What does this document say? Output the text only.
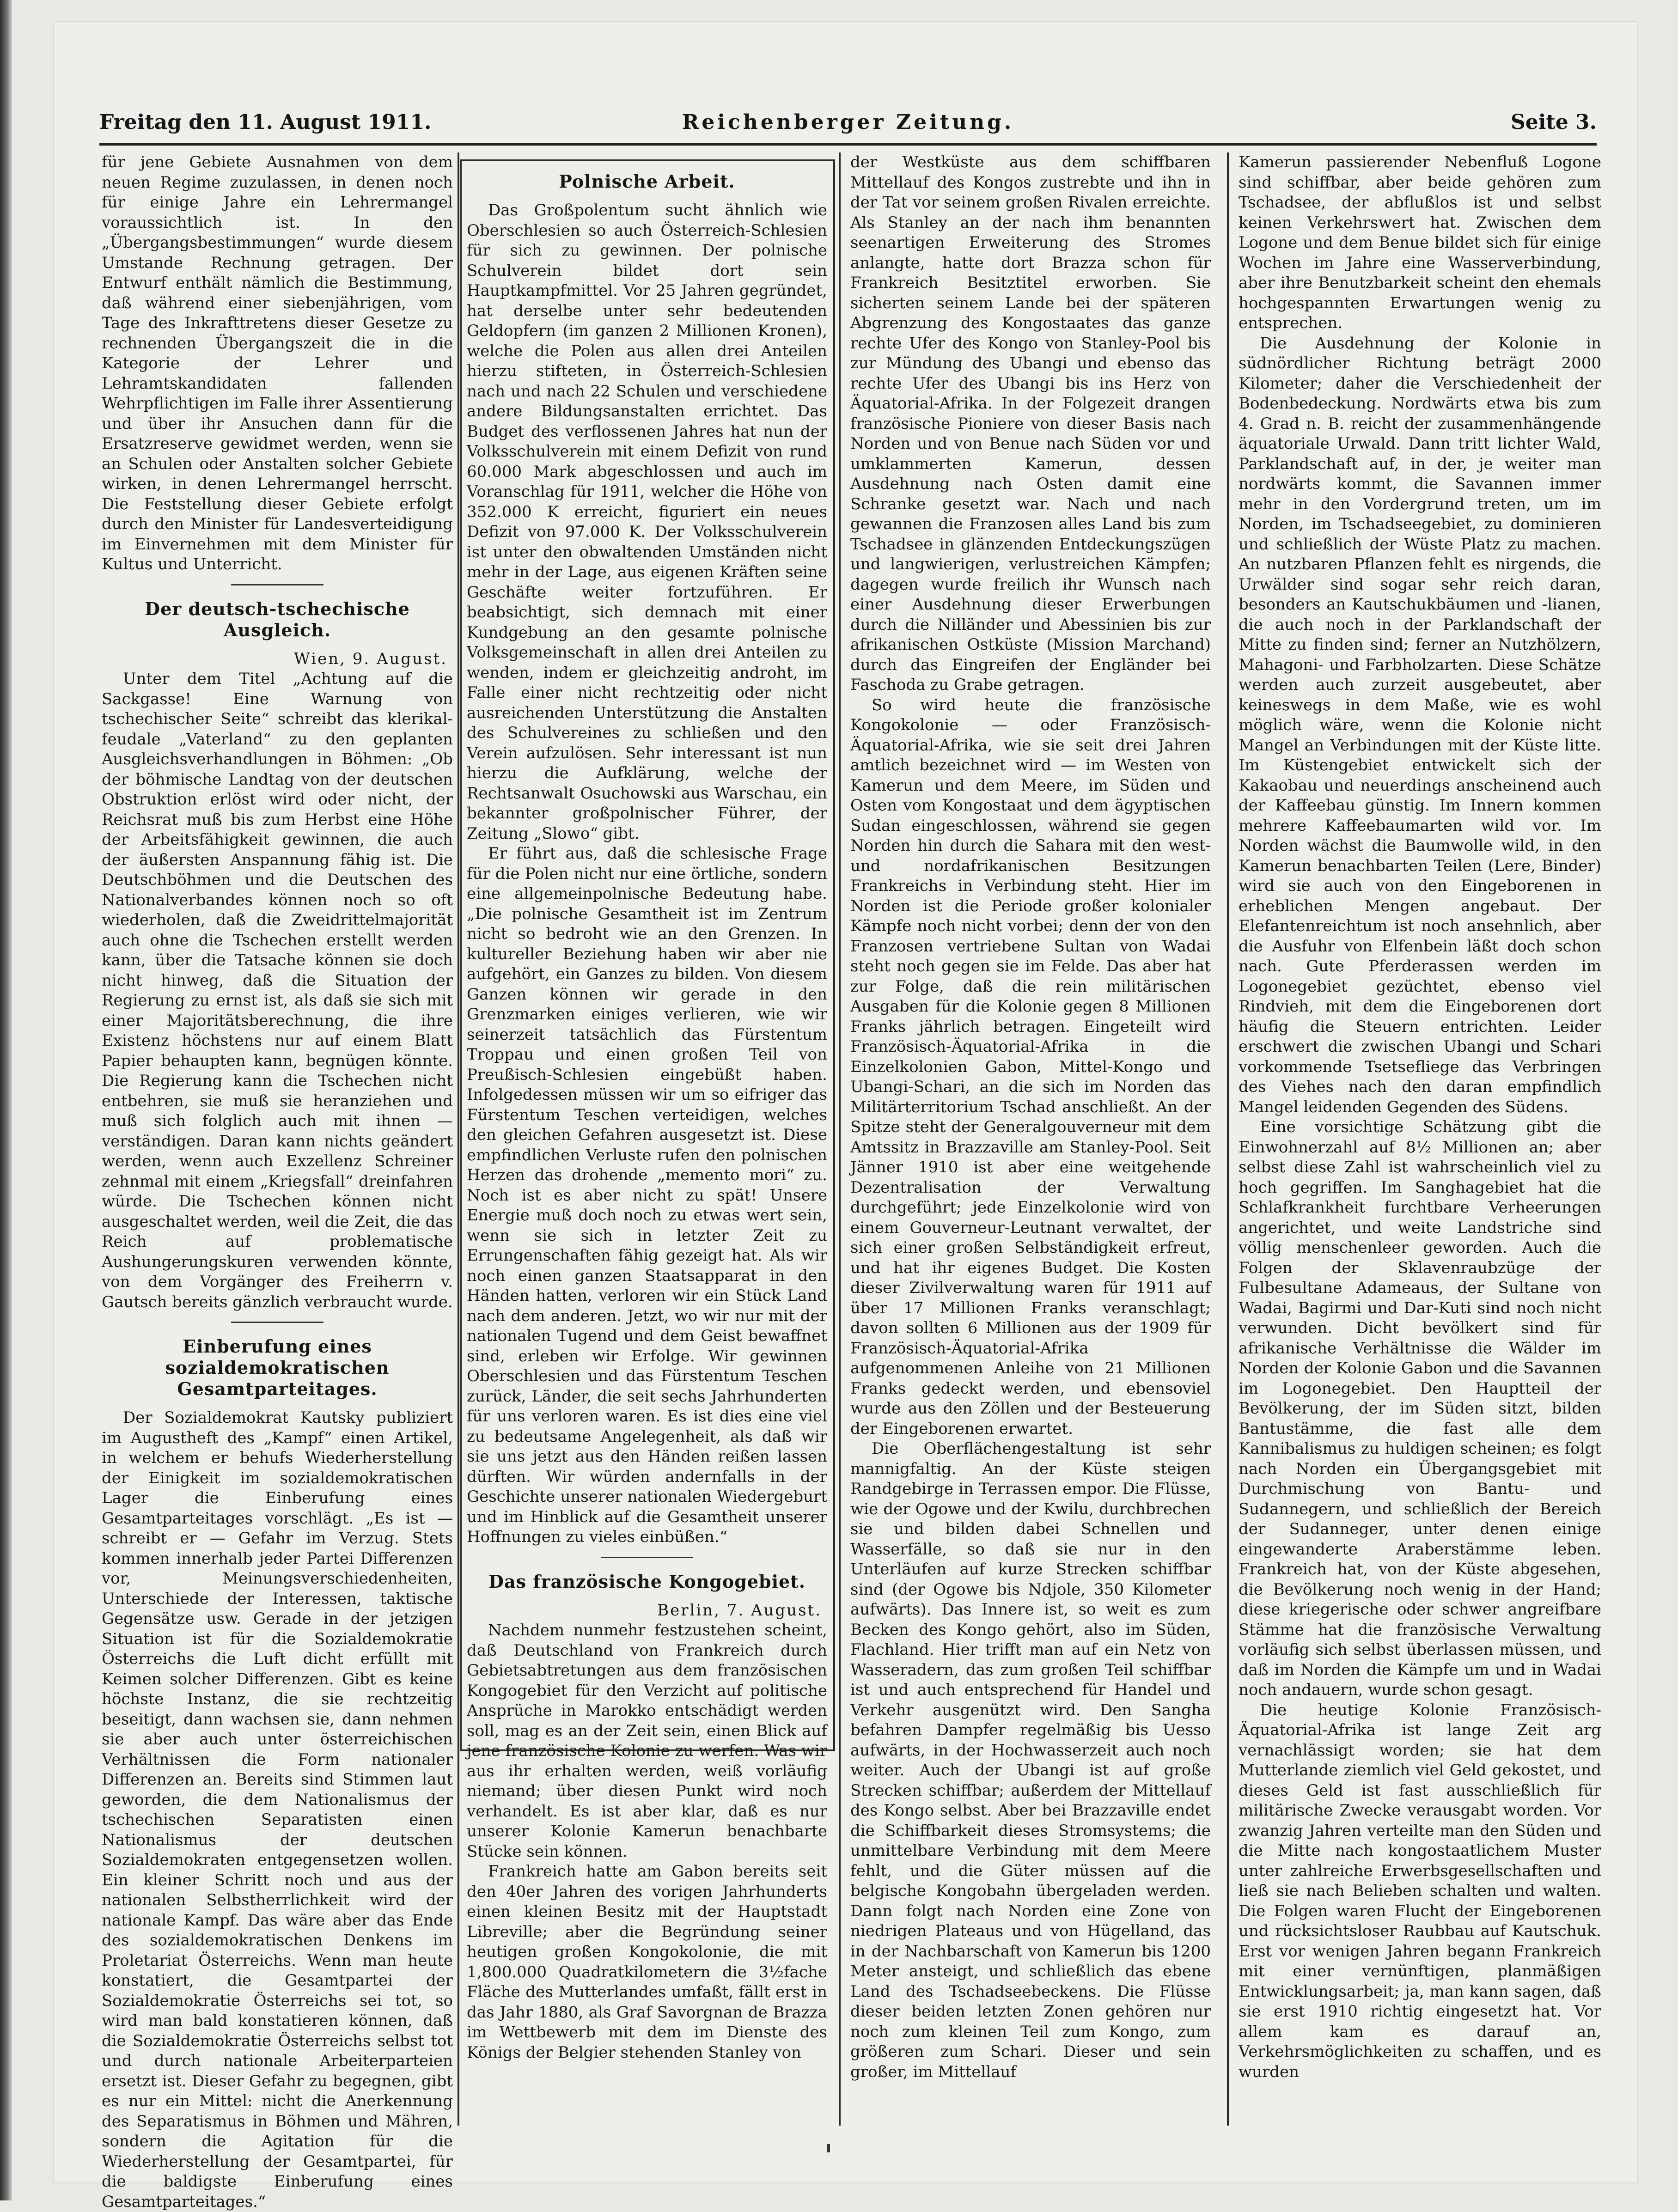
Freitag den 11. August 1911.	Reichenberger Zeitung.	Seite 3.

für jene Gebiete Ausnahmen von dem neuen Regime zuzulassen, in denen noch für einige Jahre ein Lehrermangel voraussichtlich ist. In den „Übergangsbestimmungen“ wurde diesem Umstande Rechnung getragen. Der Entwurf enthält nämlich die Bestimmung, daß während einer siebenjährigen, vom Tage des Inkrafttretens dieser Gesetze zu rechnenden Übergangszeit die in die Kategorie der Lehrer und Lehramtskandidaten fallenden Wehrpflichtigen im Falle ihrer Assentierung und über ihr Ansuchen dann für die Ersatzreserve gewidmet werden, wenn sie an Schulen oder Anstalten solcher Gebiete wirken, in denen Lehrermangel herrscht. Die Feststellung dieser Gebiete erfolgt durch den Minister für Landesverteidigung im Einvernehmen mit dem Minister für Kultus und Unterricht.

Der deutsch-tschechische Ausgleich.

Wien, 9. August.

Unter dem Titel „Achtung auf die Sackgasse! Eine Warnung von tschechischer Seite“ schreibt das klerikal-feudale „Vaterland“ zu den geplanten Ausgleichsverhandlungen in Böhmen: „Ob der böhmische Landtag von der deutschen Obstruktion erlöst wird oder nicht, der Reichsrat muß bis zum Herbst eine Höhe der Arbeitsfähigkeit gewinnen, die auch der äußersten Anspannung fähig ist. Die Deutschböhmen und die Deutschen des Nationalverbandes können noch so oft wiederholen, daß die Zweidrittelmajorität auch ohne die Tschechen erstellt werden kann, über die Tatsache können sie doch nicht hinweg, daß die Situation der Regierung zu ernst ist, als daß sie sich mit einer Majoritätsberechnung, die ihre Existenz höchstens nur auf einem Blatt Papier behaupten kann, begnügen könnte. Die Regierung kann die Tschechen nicht entbehren, sie muß sie heranziehen und muß sich folglich auch mit ihnen — verständigen. Daran kann nichts geändert werden, wenn auch Exzellenz Schreiner zehnmal mit einem „Kriegsfall“ dreinfahren würde. Die Tschechen können nicht ausgeschaltet werden, weil die Zeit, die das Reich auf problematische Aushungerungskuren verwenden könnte, von dem Vorgänger des Freiherrn v. Gautsch bereits gänzlich verbraucht wurde.

Einberufung eines sozialdemokratischen Gesamtparteitages.

Der Sozialdemokrat Kautsky publiziert im Augustheft des „Kampf“ einen Artikel, in welchem er behufs Wiederherstellung der Einigkeit im sozialdemokratischen Lager die Einberufung eines Gesamtparteitages vorschlägt. „Es ist — schreibt er — Gefahr im Verzug. Stets kommen innerhalb jeder Partei Differenzen vor, Meinungsverschiedenheiten, Unterschiede der Interessen, taktische Gegensätze usw. Gerade in der jetzigen Situation ist für die Sozialdemokratie Österreichs die Luft dicht erfüllt mit Keimen solcher Differenzen. Gibt es keine höchste Instanz, die sie rechtzeitig beseitigt, dann wachsen sie, dann nehmen sie aber auch unter österreichischen Verhältnissen die Form nationaler Differenzen an. Bereits sind Stimmen laut geworden, die dem Nationalismus der tschechischen Separatisten einen Nationalismus der deutschen Sozialdemokraten entgegensetzen wollen. Ein kleiner Schritt noch und aus der nationalen Selbstherrlichkeit wird der nationale Kampf. Das wäre aber das Ende des sozialdemokratischen Denkens im Proletariat Österreichs. Wenn man heute konstatiert, die Gesamtpartei der Sozialdemokratie Österreichs sei tot, so wird man bald konstatieren können, daß die Sozialdemokratie Österreichs selbst tot und durch nationale Arbeiterparteien ersetzt ist. Dieser Gefahr zu begegnen, gibt es nur ein Mittel: nicht die Anerkennung des Separatismus in Böhmen und Mähren, sondern die Agitation für die Wiederherstellung der Gesamtpartei, für die baldigste Einberufung eines Gesamtparteitages.“

Polnische Arbeit.

Das Großpolentum sucht ähnlich wie Oberschlesien so auch Österreich-Schlesien für sich zu gewinnen. Der polnische Schulverein bildet dort sein Hauptkampfmittel. Vor 25 Jahren gegründet, hat derselbe unter sehr bedeutenden Geldopfern (im ganzen 2 Millionen Kronen), welche die Polen aus allen drei Anteilen hierzu stifteten, in Österreich-Schlesien nach und nach 22 Schulen und verschiedene andere Bildungsanstalten errichtet. Das Budget des verflossenen Jahres hat nun der Volksschulverein mit einem Defizit von rund 60.000 Mark abgeschlossen und auch im Voranschlag für 1911, welcher die Höhe von 352.000 K erreicht, figuriert ein neues Defizit von 97.000 K. Der Volksschulverein ist unter den obwaltenden Umständen nicht mehr in der Lage, aus eigenen Kräften seine Geschäfte weiter fortzuführen. Er beabsichtigt, sich demnach mit einer Kundgebung an den gesamte polnische Volksgemeinschaft in allen drei Anteilen zu wenden, indem er gleichzeitig androht, im Falle einer nicht rechtzeitig oder nicht ausreichenden Unterstützung die Anstalten des Schulvereines zu schließen und den Verein aufzulösen. Sehr interessant ist nun hierzu die Aufklärung, welche der Rechtsanwalt Osuchowski aus Warschau, ein bekannter großpolnischer Führer, der Zeitung „Slowo“ gibt.

Er führt aus, daß die schlesische Frage für die Polen nicht nur eine örtliche, sondern eine allgemeinpolnische Bedeutung habe. „Die polnische Gesamtheit ist im Zentrum nicht so bedroht wie an den Grenzen. In kultureller Beziehung haben wir aber nie aufgehört, ein Ganzes zu bilden. Von diesem Ganzen können wir gerade in den Grenzmarken einiges verlieren, wie wir seinerzeit tatsächlich das Fürstentum Troppau und einen großen Teil von Preußisch-Schlesien eingebüßt haben. Infolgedessen müssen wir um so eifriger das Fürstentum Teschen verteidigen, welches den gleichen Gefahren ausgesetzt ist. Diese empfindlichen Verluste rufen den polnischen Herzen das drohende „memento mori“ zu. Noch ist es aber nicht zu spät! Unsere Energie muß doch noch zu etwas wert sein, wenn sie sich in letzter Zeit zu Errungenschaften fähig gezeigt hat. Als wir noch einen ganzen Staatsapparat in den Händen hatten, verloren wir ein Stück Land nach dem anderen. Jetzt, wo wir nur mit der nationalen Tugend und dem Geist bewaffnet sind, erleben wir Erfolge. Wir gewinnen Oberschlesien und das Fürstentum Teschen zurück, Länder, die seit sechs Jahrhunderten für uns verloren waren. Es ist dies eine viel zu bedeutsame Angelegenheit, als daß wir sie uns jetzt aus den Händen reißen lassen dürften. Wir würden andernfalls in der Geschichte unserer nationalen Wiedergeburt und im Hinblick auf die Gesamtheit unserer Hoffnungen zu vieles einbüßen.“

Das französische Kongogebiet.

Berlin, 7. August.

Nachdem nunmehr festzustehen scheint, daß Deutschland von Frankreich durch Gebietsabtretungen aus dem französischen Kongogebiet für den Verzicht auf politische Ansprüche in Marokko entschädigt werden soll, mag es an der Zeit sein, einen Blick auf jene französische Kolonie zu werfen. Was wir aus ihr erhalten werden, weiß vorläufig niemand; über diesen Punkt wird noch verhandelt. Es ist aber klar, daß es nur unserer Kolonie Kamerun benachbarte Stücke sein können.

Frankreich hatte am Gabon bereits seit den 40er Jahren des vorigen Jahrhunderts einen kleinen Besitz mit der Hauptstadt Libreville; aber die Begründung seiner heutigen großen Kongokolonie, die mit 1,800.000 Quadratkilometern die 3½fache Fläche des Mutterlandes umfaßt, fällt erst in das Jahr 1880, als Graf Savorgnan de Brazza im Wettbewerb mit dem im Dienste des Königs der Belgier stehenden Stanley von

der Westküste aus dem schiffbaren Mittellauf des Kongos zustrebte und ihn in der Tat vor seinem großen Rivalen erreichte. Als Stanley an der nach ihm benannten seenartigen Erweiterung des Stromes anlangte, hatte dort Brazza schon für Frankreich Besitztitel erworben. Sie sicherten seinem Lande bei der späteren Abgrenzung des Kongostaates das ganze rechte Ufer des Kongo von Stanley-Pool bis zur Mündung des Ubangi und ebenso das rechte Ufer des Ubangi bis ins Herz von Äquatorial-Afrika. In der Folgezeit drangen französische Pioniere von dieser Basis nach Norden und von Benue nach Süden vor und umklammerten Kamerun, dessen Ausdehnung nach Osten damit eine Schranke gesetzt war. Nach und nach gewannen die Franzosen alles Land bis zum Tschadsee in glänzenden Entdeckungszügen und langwierigen, verlustreichen Kämpfen; dagegen wurde freilich ihr Wunsch nach einer Ausdehnung dieser Erwerbungen durch die Nilländer und Abessinien bis zur afrikanischen Ostküste (Mission Marchand) durch das Eingreifen der Engländer bei Faschoda zu Grabe getragen.

So wird heute die französische Kongokolonie — oder Französisch-Äquatorial-Afrika, wie sie seit drei Jahren amtlich bezeichnet wird — im Westen von Kamerun und dem Meere, im Süden und Osten vom Kongostaat und dem ägyptischen Sudan eingeschlossen, während sie gegen Norden hin durch die Sahara mit den west- und nordafrikanischen Besitzungen Frankreichs in Verbindung steht. Hier im Norden ist die Periode großer kolonialer Kämpfe noch nicht vorbei; denn der von den Franzosen vertriebene Sultan von Wadai steht noch gegen sie im Felde. Das aber hat zur Folge, daß die rein militärischen Ausgaben für die Kolonie gegen 8 Millionen Franks jährlich betragen. Eingeteilt wird Französisch-Äquatorial-Afrika in die Einzelkolonien Gabon, Mittel-Kongo und Ubangi-Schari, an die sich im Norden das Militärterritorium Tschad anschließt. An der Spitze steht der Generalgouverneur mit dem Amtssitz in Brazzaville am Stanley-Pool. Seit Jänner 1910 ist aber eine weitgehende Dezentralisation der Verwaltung durchgeführt; jede Einzelkolonie wird von einem Gouverneur-Leutnant verwaltet, der sich einer großen Selbständigkeit erfreut, und hat ihr eigenes Budget. Die Kosten dieser Zivilverwaltung waren für 1911 auf über 17 Millionen Franks veranschlagt; davon sollten 6 Millionen aus der 1909 für Französisch-Äquatorial-Afrika aufgenommenen Anleihe von 21 Millionen Franks gedeckt werden, und ebensoviel wurde aus den Zöllen und der Besteuerung der Eingeborenen erwartet.

Die Oberflächengestaltung ist sehr mannigfaltig. An der Küste steigen Randgebirge in Terrassen empor. Die Flüsse, wie der Ogowe und der Kwilu, durchbrechen sie und bilden dabei Schnellen und Wasserfälle, so daß sie nur in den Unterläufen auf kurze Strecken schiffbar sind (der Ogowe bis Ndjole, 350 Kilometer aufwärts). Das Innere ist, so weit es zum Becken des Kongo gehört, also im Süden, Flachland. Hier trifft man auf ein Netz von Wasseradern, das zum großen Teil schiffbar ist und auch entsprechend für Handel und Verkehr ausgenützt wird. Den Sangha befahren Dampfer regelmäßig bis Uesso aufwärts, in der Hochwasserzeit auch noch weiter. Auch der Ubangi ist auf große Strecken schiffbar; außerdem der Mittellauf des Kongo selbst. Aber bei Brazzaville endet die Schiffbarkeit dieses Stromsystems; die unmittelbare Verbindung mit dem Meere fehlt, und die Güter müssen auf die belgische Kongobahn übergeladen werden. Dann folgt nach Norden eine Zone von niedrigen Plateaus und von Hügelland, das in der Nachbarschaft von Kamerun bis 1200 Meter ansteigt, und schließlich das ebene Land des Tschadseebeckens. Die Flüsse dieser beiden letzten Zonen gehören nur noch zum kleinen Teil zum Kongo, zum größeren zum Schari. Dieser und sein großer, im Mittellauf

Kamerun passierender Nebenfluß Logone sind schiffbar, aber beide gehören zum Tschadsee, der abflußlos ist und selbst keinen Verkehrswert hat. Zwischen dem Logone und dem Benue bildet sich für einige Wochen im Jahre eine Wasserverbindung, aber ihre Benutzbarkeit scheint den ehemals hochgespannten Erwartungen wenig zu entsprechen.

Die Ausdehnung der Kolonie in südnördlicher Richtung beträgt 2000 Kilometer; daher die Verschiedenheit der Bodenbedeckung. Nordwärts etwa bis zum 4. Grad n. B. reicht der zusammenhängende äquatoriale Urwald. Dann tritt lichter Wald, Parklandschaft auf, in der, je weiter man nordwärts kommt, die Savannen immer mehr in den Vordergrund treten, um im Norden, im Tschadseegebiet, zu dominieren und schließlich der Wüste Platz zu machen. An nutzbaren Pflanzen fehlt es nirgends, die Urwälder sind sogar sehr reich daran, besonders an Kautschukbäumen und -lianen, die auch noch in der Parklandschaft der Mitte zu finden sind; ferner an Nutzhölzern, Mahagoni- und Farbholzarten. Diese Schätze werden auch zurzeit ausgebeutet, aber keineswegs in dem Maße, wie es wohl möglich wäre, wenn die Kolonie nicht Mangel an Verbindungen mit der Küste litte. Im Küstengebiet entwickelt sich der Kakaobau und neuerdings anscheinend auch der Kaffeebau günstig. Im Innern kommen mehrere Kaffeebaumarten wild vor. Im Norden wächst die Baumwolle wild, in den Kamerun benachbarten Teilen (Lere, Binder) wird sie auch von den Eingeborenen in erheblichen Mengen angebaut. Der Elefantenreichtum ist noch ansehnlich, aber die Ausfuhr von Elfenbein läßt doch schon nach. Gute Pferderassen werden im Logonegebiet gezüchtet, ebenso viel Rindvieh, mit dem die Eingeborenen dort häufig die Steuern entrichten. Leider erschwert die zwischen Ubangi und Schari vorkommende Tsetsefliege das Verbringen des Viehes nach den daran empfindlich Mangel leidenden Gegenden des Südens.

Eine vorsichtige Schätzung gibt die Einwohnerzahl auf 8½ Millionen an; aber selbst diese Zahl ist wahrscheinlich viel zu hoch gegriffen. Im Sanghagebiet hat die Schlafkrankheit furchtbare Verheerungen angerichtet, und weite Landstriche sind völlig menschenleer geworden. Auch die Folgen der Sklavenraubzüge der Fulbesultane Adameaus, der Sultane von Wadai, Bagirmi und Dar-Kuti sind noch nicht verwunden. Dicht bevölkert sind für afrikanische Verhältnisse die Wälder im Norden der Kolonie Gabon und die Savannen im Logonegebiet. Den Hauptteil der Bevölkerung, der im Süden sitzt, bilden Bantustämme, die fast alle dem Kannibalismus zu huldigen scheinen; es folgt nach Norden ein Übergangsgebiet mit Durchmischung von Bantu- und Sudannegern, und schließlich der Bereich der Sudanneger, unter denen einige eingewanderte Araberstämme leben. Frankreich hat, von der Küste abgesehen, die Bevölkerung noch wenig in der Hand; diese kriegerische oder schwer angreifbare Stämme hat die französische Verwaltung vorläufig sich selbst überlassen müssen, und daß im Norden die Kämpfe um und in Wadai noch andauern, wurde schon gesagt.

Die heutige Kolonie Französisch-Äquatorial-Afrika ist lange Zeit arg vernachlässigt worden; sie hat dem Mutterlande ziemlich viel Geld gekostet, und dieses Geld ist fast ausschließlich für militärische Zwecke verausgabt worden. Vor zwanzig Jahren verteilte man den Süden und die Mitte nach kongostaatlichem Muster unter zahlreiche Erwerbsgesellschaften und ließ sie nach Belieben schalten und walten. Die Folgen waren Flucht der Eingeborenen und rücksichtsloser Raubbau auf Kautschuk. Erst vor wenigen Jahren begann Frankreich mit einer vernünftigen, planmäßigen Entwicklungsarbeit; ja, man kann sagen, daß sie erst 1910 richtig eingesetzt hat. Vor allem kam es darauf an, Verkehrsmöglichkeiten zu schaffen, und es wurden
